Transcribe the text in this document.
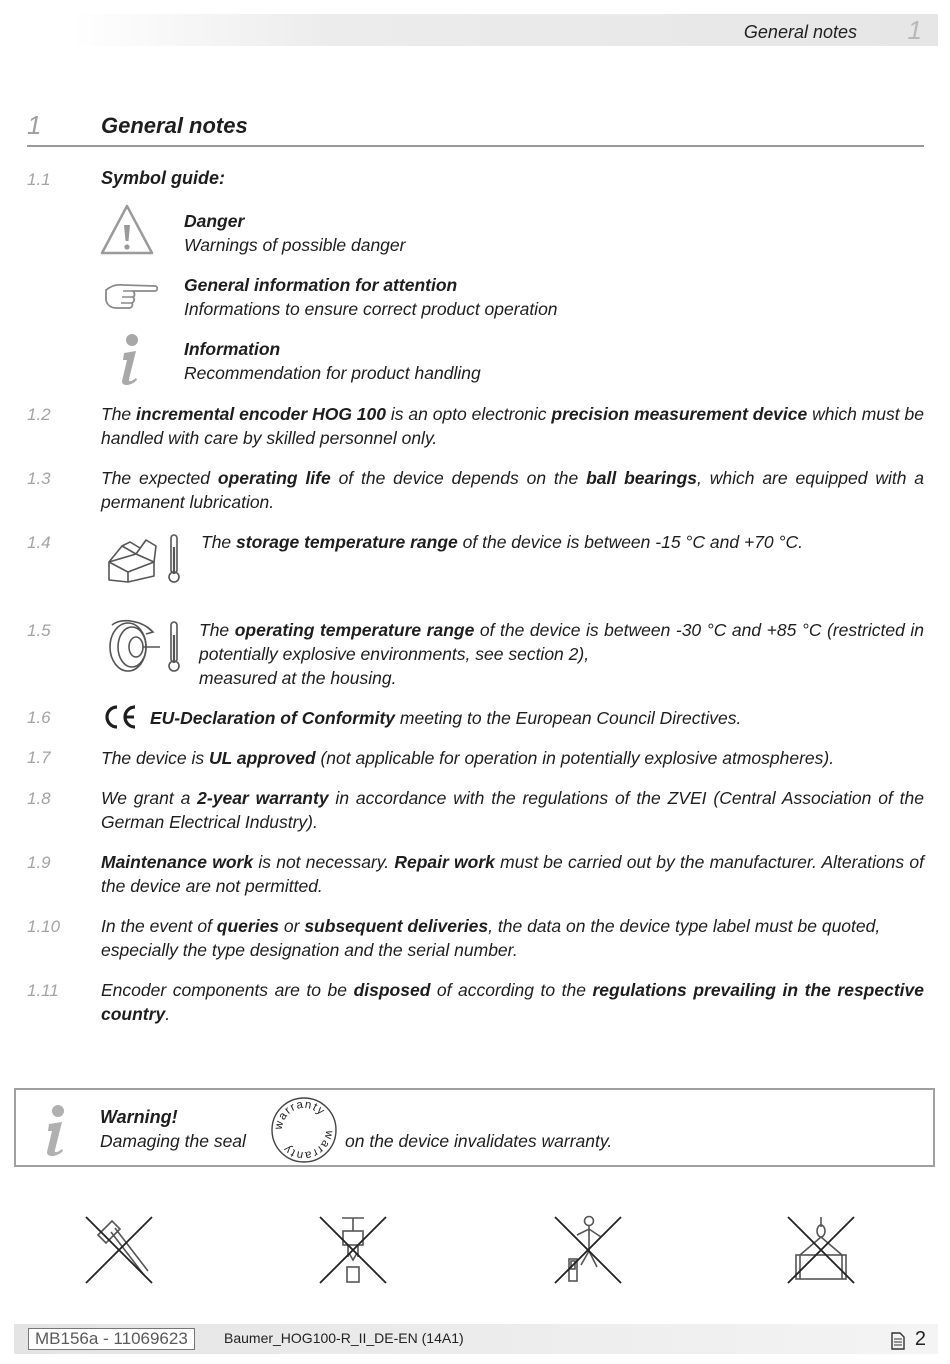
General notes 1
1	General notes
1.1	Symbol guide:
Danger
Warnings of possible danger
General information for attention
Informations to ensure correct product operation
Information
Recommendation for product handling
1.2	The incremental encoder HOG 100 is an opto electronic precision measurement device which must be handled with care by skilled personnel only.
1.3	The expected operating life of the device depends on the ball bearings, which are equipped with a permanent lubrication.
1.4	The storage temperature range of the device is between -15 °C and +70 °C.
1.5	The operating temperature range of the device is between -30 °C and +85 °C (restricted in potentially explosive environments, see section 2),
measured at the housing.
1.6	EU-Declaration of Conformity meeting to the European Council Directives.
1.7	The device is UL approved (not applicable for operation in potentially explosive atmospheres).
1.8	We grant a 2-year warranty in accordance with the regulations of the ZVEI (Central Association of the German Electrical Industry).
1.9	Maintenance work is not necessary. Repair work must be carried out by the manufacturer. Alterations of the device are not permitted.
1.10 In the event of queries or subsequent deliveries, the data on the device type label must be quoted, especially the type designation and the serial number.
1.11 Encoder components are to be disposed of according to the regulations prevailing in the respective country.
Warning!
Damaging the seal
warranty
warranty	on the device invalidates warranty.
MB156a - 11069623	Baumer_HOG100-R_II_DE-EN (14A1)	2
